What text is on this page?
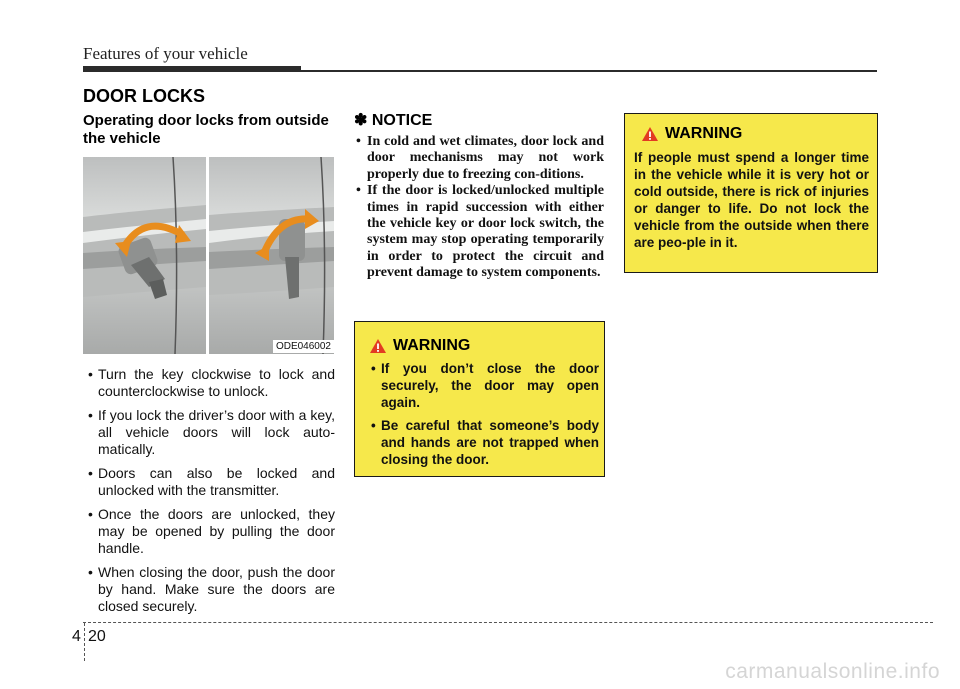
Features of your vehicle
DOOR LOCKS
Operating door locks from outside the vehicle
ODE046002
• Turn the key clockwise to lock and counterclockwise to unlock.
• If you lock the driver’s door with a key, all vehicle doors will lock auto-matically.
• Doors can also be locked and unlocked with the transmitter.
• Once the doors are unlocked, they may be opened by pulling the door handle.
• When closing the door, push the door by hand. Make sure the doors are closed securely.
✽ NOTICE
• In cold and wet climates, door lock and door mechanisms may not work properly due to freezing con-ditions.
• If the door is locked/unlocked multiple times in rapid succession with either the vehicle key or door lock switch, the system may stop operating temporarily in order to protect the circuit and prevent damage to system components.
WARNING
• If you don’t close the door securely, the door may open again.
• Be careful that someone’s body and hands are not trapped when closing the door.
WARNING

If people must spend a longer time in the vehicle while it is very hot or cold outside, there is rick of injuries or danger to life. Do not lock the vehicle from the outside when there are peo-ple in it.

4 20
carmanualsonline.info
